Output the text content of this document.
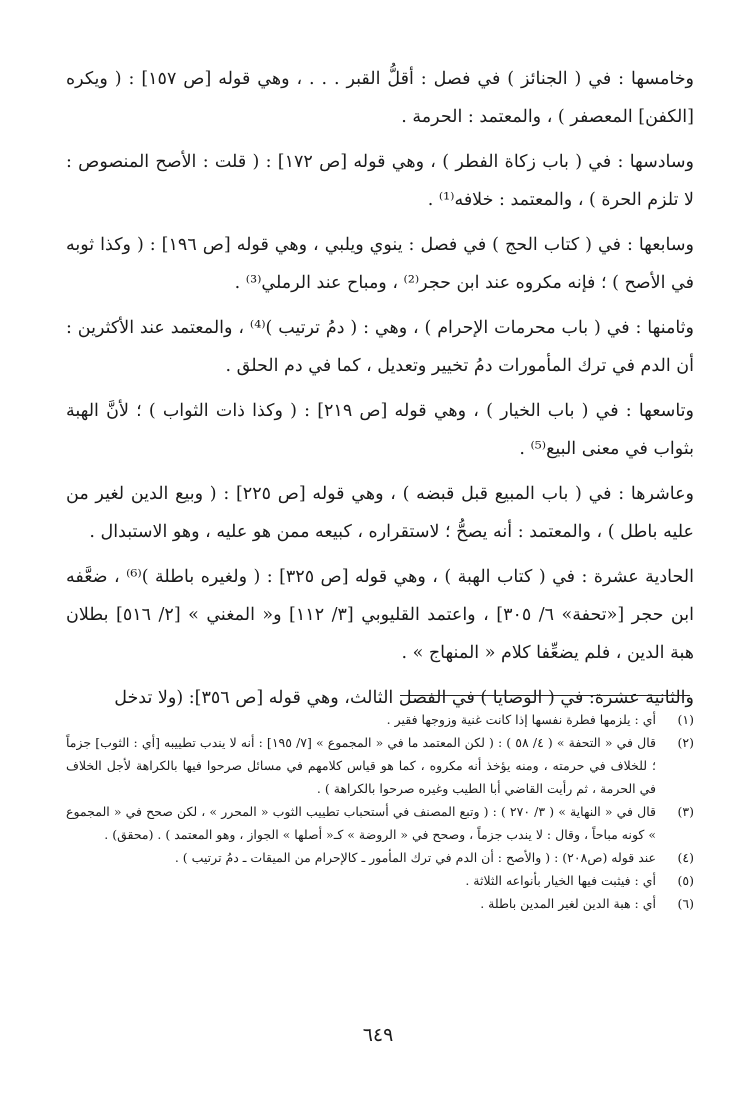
وخامسها : في ( الجنائز ) في فصل : أقلُّ القبر . . . ، وهي قوله [ص ١٥٧] : ( ويكره [الكفن] المعصفر ) ، والمعتمد : الحرمة .

وسادسها : في ( باب زكاة الفطر ) ، وهي قوله [ص ١٧٢] : ( قلت : الأصح المنصوص : لا تلزم الحرة ) ، والمعتمد : خلافه⁽¹⁾ .

وسابعها : في ( كتاب الحج ) في فصل : ينوي ويلبي ، وهي قوله [ص ١٩٦] : ( وكذا ثوبه في الأصح ) ؛ فإنه مكروه عند ابن حجر⁽²⁾ ، ومباح عند الرملي⁽³⁾ .

وثامنها : في ( باب محرمات الإحرام ) ، وهي : ( دمُ ترتيب )⁽⁴⁾ ، والمعتمد عند الأكثرين : أن الدم في ترك المأمورات دمُ تخيير وتعديل ، كما في دم الحلق .

وتاسعها : في ( باب الخيار ) ، وهي قوله [ص ٢١٩] : ( وكذا ذات الثواب ) ؛ لأنَّ الهبة بثواب في معنى البيع⁽⁵⁾ .

وعاشرها : في ( باب المبيع قبل قبضه ) ، وهي قوله [ص ٢٢٥] : ( وبيع الدين لغير من عليه باطل ) ، والمعتمد : أنه يصحُّ ؛ لاستقراره ، كبيعه ممن هو عليه ، وهو الاستبدال .

الحادية عشرة : في ( كتاب الهبة ) ، وهي قوله [ص ٣٢٥] : ( ولغيره باطلة )⁽⁶⁾ ، ضعَّفه ابن حجر [«تحفة» ٦/ ٣٠٥] ، واعتمد القليوبي [٣/ ١١٢] و« المغني » [٢/ ٥١٦] بطلان هبة الدين ، فلم يضعِّفا كلام « المنهاج » .

والثانية عشرة: في ( الوصايا ) في الفصل الثالث، وهي قوله [ص ٣٥٦]: (ولا تدخل

(١)
أي : يلزمها فطرة نفسها إذا كانت غنية وزوجها فقير .
(٢)
قال في « التحفة » ( ٤/ ٥٨ ) : ( لكن المعتمد ما في « المجموع » [٧/ ١٩٥] : أنه لا يندب تطييبه [أي : الثوب] جزماً ؛ للخلاف في حرمته ، ومنه يؤخذ أنه مكروه ، كما هو قياس كلامهم في مسائل صرحوا فيها بالكراهة لأجل الخلاف في الحرمة ، ثم رأيت القاضي أبا الطيب وغيره صرحوا بالكراهة ) .
(٣)
قال في « النهاية » ( ٣/ ٢٧٠ ) : ( وتبع المصنف في أستحباب تطييب الثوب « المحرر » ، لكن صحح في « المجموع » كونه مباحاً ، وقال : لا يندب جزماً ، وصحح في « الروضة » كـ« أصلها » الجواز ، وهو المعتمد ) . (محقق) .
(٤)
عند قوله (ص٢٠٨) : ( والأصح : أن الدم في ترك المأمور ـ كالإحرام من الميقات ـ دمُ ترتيب ) .
(٥)
أي : فيثبت فيها الخيار بأنواعه الثلاثة .
(٦)
أي : هبة الدين لغير المدين باطلة .
٦٤٩
